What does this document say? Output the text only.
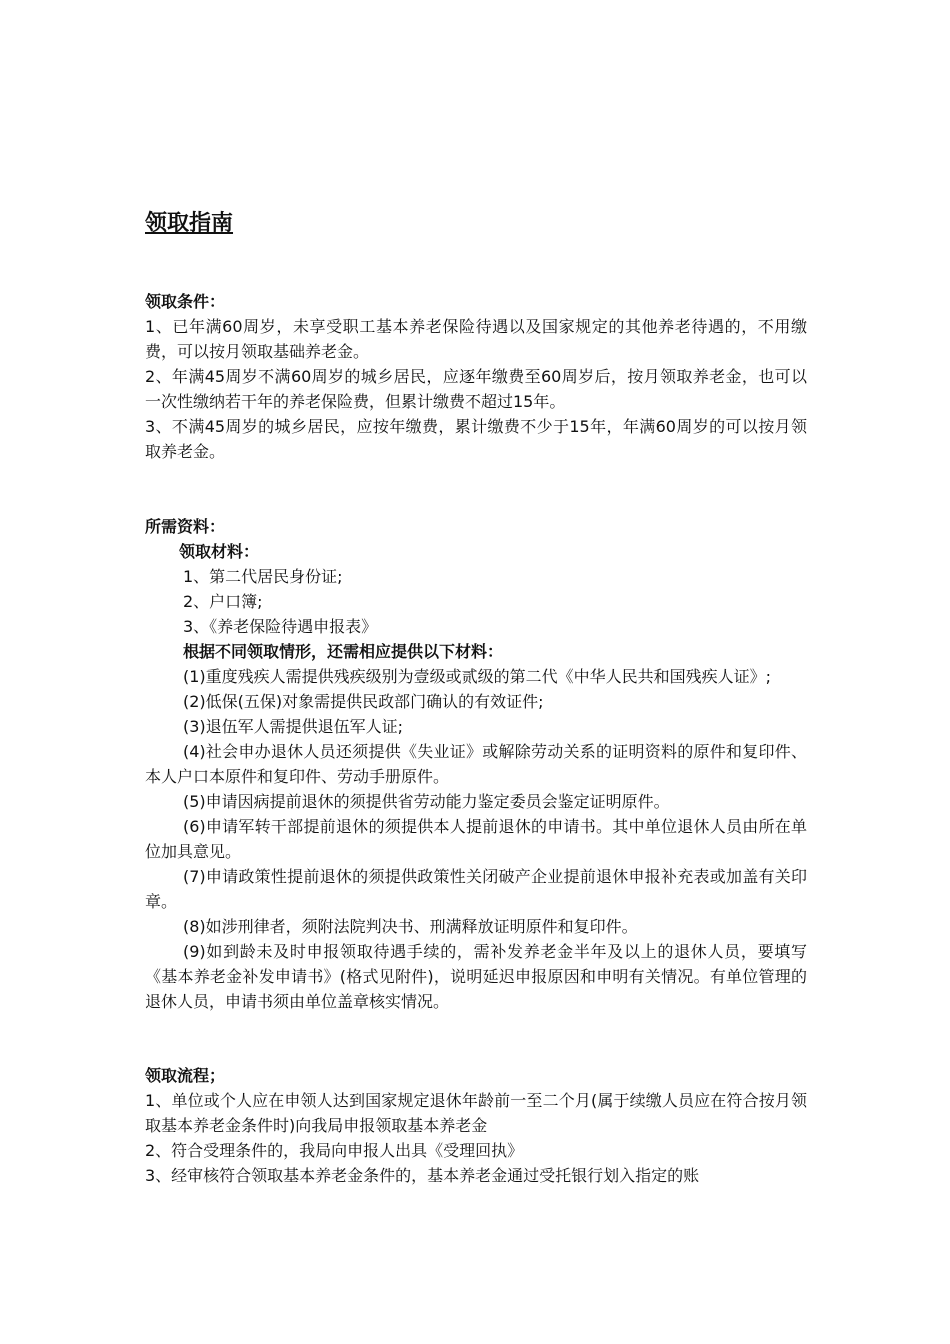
领取指南

领取条件：

1、已年满60周岁，未享受职工基本养老保险待遇以及国家规定的其他养老待遇的，不用缴费，可以按月领取基础养老金。

2、年满45周岁不满60周岁的城乡居民，应逐年缴费至60周岁后，按月领取养老金，也可以一次性缴纳若干年的养老保险费，但累计缴费不超过15年。

3、不满45周岁的城乡居民，应按年缴费，累计缴费不少于15年，年满60周岁的可以按月领取养老金。

所需资料：

领取材料：

1、第二代居民身份证;

2、户口簿;

3、《养老保险待遇申报表》

根据不同领取情形，还需相应提供以下材料：

(1)重度残疾人需提供残疾级别为壹级或贰级的第二代《中华人民共和国残疾人证》;

(2)低保(五保)对象需提供民政部门确认的有效证件;

(3)退伍军人需提供退伍军人证;

(4)社会申办退休人员还须提供《失业证》或解除劳动关系的证明资料的原件和复印件、本人户口本原件和复印件、劳动手册原件。

(5)申请因病提前退休的须提供省劳动能力鉴定委员会鉴定证明原件。

(6)申请军转干部提前退休的须提供本人提前退休的申请书。其中单位退休人员由所在单位加具意见。

(7)申请政策性提前退休的须提供政策性关闭破产企业提前退休申报补充表或加盖有关印章。

(8)如涉刑律者，须附法院判决书、刑满释放证明原件和复印件。

(9)如到龄未及时申报领取待遇手续的，需补发养老金半年及以上的退休人员，要填写《基本养老金补发申请书》(格式见附件)，说明延迟申报原因和申明有关情况。有单位管理的退休人员，申请书须由单位盖章核实情况。

领取流程；

1、单位或个人应在申领人达到国家规定退休年龄前一至二个月(属于续缴人员应在符合按月领取基本养老金条件时)向我局申报领取基本养老金

2、符合受理条件的，我局向申报人出具《受理回执》

3、经审核符合领取基本养老金条件的，基本养老金通过受托银行划入指定的账
